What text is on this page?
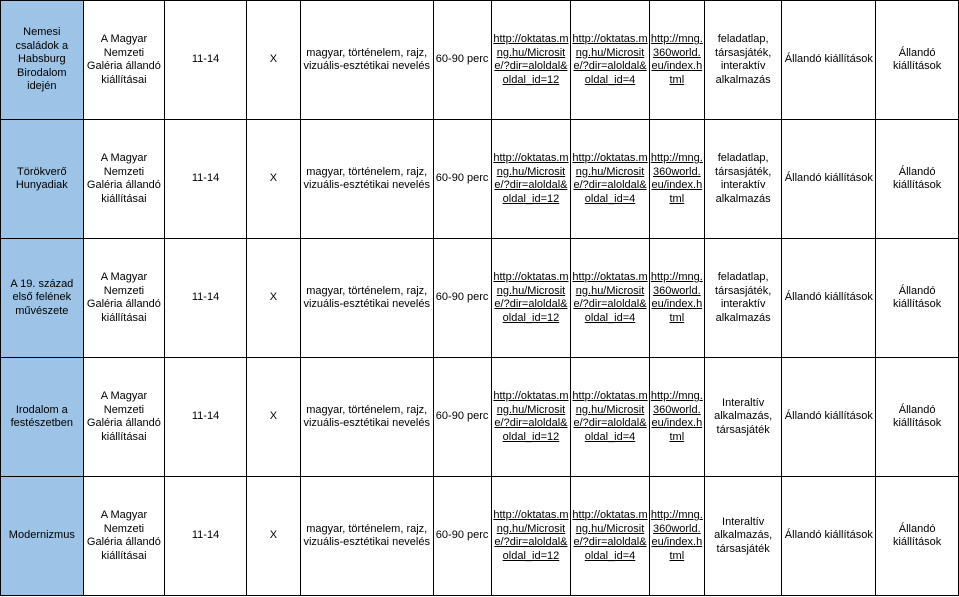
Nemesi családok a Habsburg Birodalom idején	A Magyar Nemzeti Galéria állandó kiállításai	11-14	X	magyar, történelem, rajz, vizuális-esztétikai nevelés	60-90 perc	http://oktatas.mng.hu/Microsite/?dir=aloldal&oldal_id=12	http://oktatas.mng.hu/Microsite/?dir=aloldal&oldal_id=4	http://mng.360world.eu/index.html	feladatlap, társasjáték, interaktív alkalmazás	Állandó kiállítások	Állandó kiállítások
Törökverő Hunyadiak	A Magyar Nemzeti Galéria állandó kiállításai	11-14	X	magyar, történelem, rajz, vizuális-esztétikai nevelés	60-90 perc	http://oktatas.mng.hu/Microsite/?dir=aloldal&oldal_id=12	http://oktatas.mng.hu/Microsite/?dir=aloldal&oldal_id=4	http://mng.360world.eu/index.html	feladatlap, társasjáték, interaktív alkalmazás	Állandó kiállítások	Állandó kiállítások
A 19. század első felének művészete	A Magyar Nemzeti Galéria állandó kiállításai	11-14	X	magyar, történelem, rajz, vizuális-esztétikai nevelés	60-90 perc	http://oktatas.mng.hu/Microsite/?dir=aloldal&oldal_id=12	http://oktatas.mng.hu/Microsite/?dir=aloldal&oldal_id=4	http://mng.360world.eu/index.html	feladatlap, társasjáték, interaktív alkalmazás	Állandó kiállítások	Állandó kiállítások
Irodalom a festészetben	A Magyar Nemzeti Galéria állandó kiállításai	11-14	X	magyar, történelem, rajz, vizuális-esztétikai nevelés	60-90 perc	http://oktatas.mng.hu/Microsite/?dir=aloldal&oldal_id=12	http://oktatas.mng.hu/Microsite/?dir=aloldal&oldal_id=4	http://mng.360world.eu/index.html	Interaltív alkalmazás, társasjáték	Állandó kiállítások	Állandó kiállítások
Modernizmus	A Magyar Nemzeti Galéria állandó kiállításai	11-14	X	magyar, történelem, rajz, vizuális-esztétikai nevelés	60-90 perc	http://oktatas.mng.hu/Microsite/?dir=aloldal&oldal_id=12	http://oktatas.mng.hu/Microsite/?dir=aloldal&oldal_id=4	http://mng.360world.eu/index.html	Interaltív alkalmazás, társasjáték	Állandó kiállítások	Állandó kiállítások
